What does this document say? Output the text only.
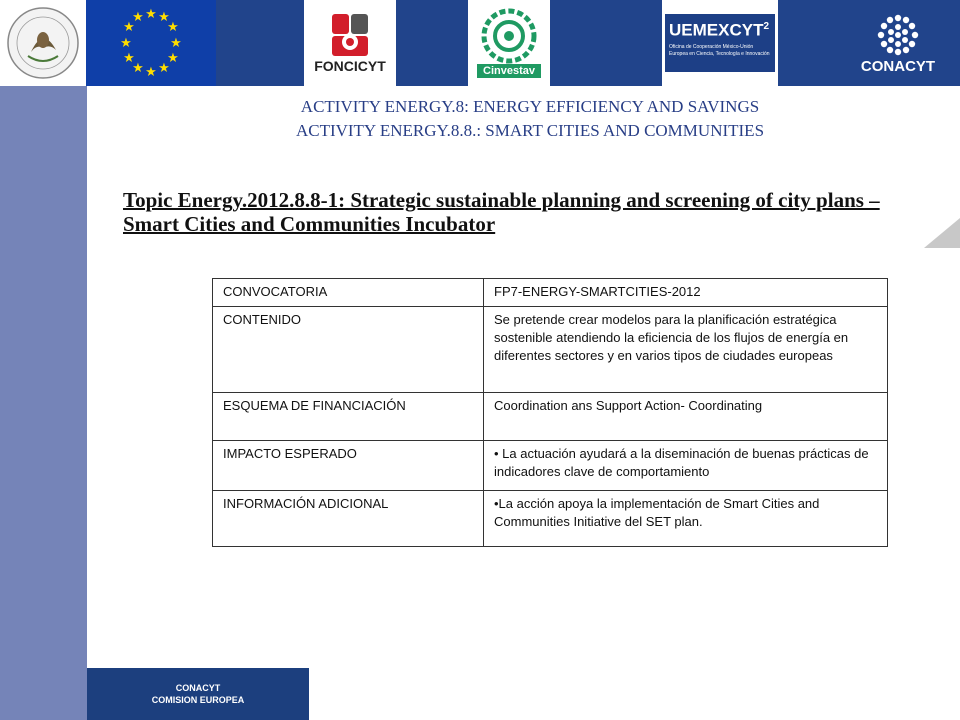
★ ★
★
★
★
★
★
★
★
★
★
★
FONCICYT	Cinvestav
UEMEXCYT$^2$
Oficina de Cooperación México-Unión Europea en Ciencia, Tecnología e Innovación
CONACYT
ACTIVITY ENERGY.8: ENERGY EFFICIENCY AND SAVINGS
ACTIVITY ENERGY.8.8.: SMART CITIES AND COMMUNITIES
Topic Energy.2012.8.8-1: Strategic sustainable planning and screening of city plans –
Smart Cities and Communities Incubator
CONVOCATORIA	FP7-ENERGY-SMARTCITIES-2012
CONTENIDO	Se pretende crear modelos para la planificación estratégica sostenible atendiendo la eficiencia de los flujos de energía en diferentes sectores y en varios tipos de ciudades europeas
ESQUEMA DE FINANCIACIÓN	Coordination ans Support Action- Coordinating
IMPACTO ESPERADO	• La actuación ayudará a la diseminación de buenas prácticas de indicadores clave de comportamiento
INFORMACIÓN ADICIONAL	•La acción apoya la implementación de Smart Cities and Communities Initiative del SET plan.
CONACYT
COMISION EUROPEA
